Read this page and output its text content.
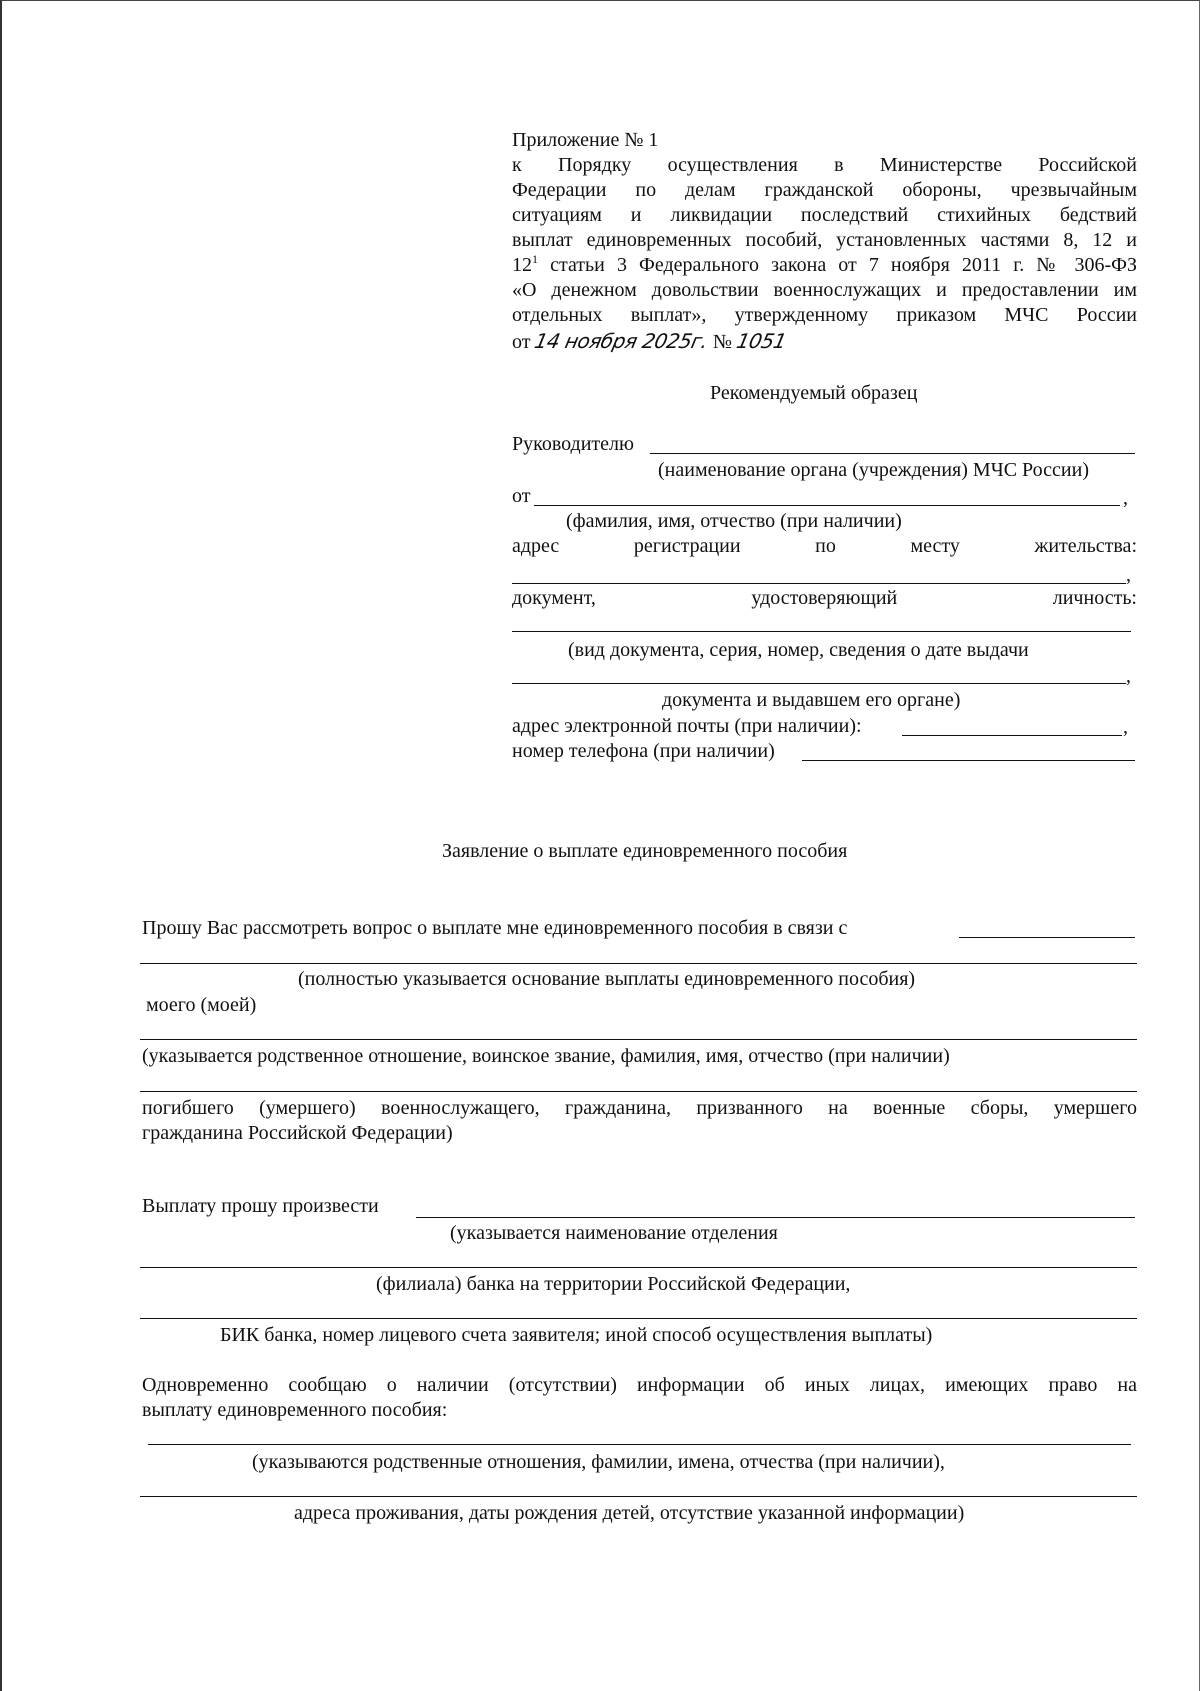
Приложение № 1
к Порядку осуществления в Министерстве Российской
Федерации по делам гражданской обороны, чрезвычайным
ситуациям и ликвидации последствий стихийных бедствий
выплат единовременных пособий, установленных частями 8, 12 и
$12^1$ статьи 3 Федерального закона от 7 ноября 2011 г. № 306-ФЗ
«О денежном довольствии военнослужащих и предоставлении им
отдельных выплат», утвержденному приказом МЧС России
от 14 ноября 2025г. № 1051
Рекомендуемый образец
Руководителю
(наименование органа (учреждения) МЧС России)
от	,
(фамилия, имя, отчество (при наличии)
адрес регистрации по месту жительства:
,
документ, удостоверяющий личность:
(вид документа, серия, номер, сведения о дате выдачи
,
документа и выдавшем его органе)
адрес электронной почты (при наличии):	,
номер телефона (при наличии)
Заявление о выплате единовременного пособия
Прошу Вас рассмотреть вопрос о выплате мне единовременного пособия в связи с
(полностью указывается основание выплаты единовременного пособия)
моего (моей)
(указывается родственное отношение, воинское звание, фамилия, имя, отчество (при наличии)
погибшего (умершего) военнослужащего, гражданина, призванного на военные сборы, умершего
гражданина Российской Федерации)
Выплату прошу произвести
(указывается наименование отделения
(филиала) банка на территории Российской Федерации,
БИК банка, номер лицевого счета заявителя; иной способ осуществления выплаты)
Одновременно сообщаю о наличии (отсутствии) информации об иных лицах, имеющих право на
выплату единовременного пособия:
(указываются родственные отношения, фамилии, имена, отчества (при наличии),
адреса проживания, даты рождения детей, отсутствие указанной информации)
